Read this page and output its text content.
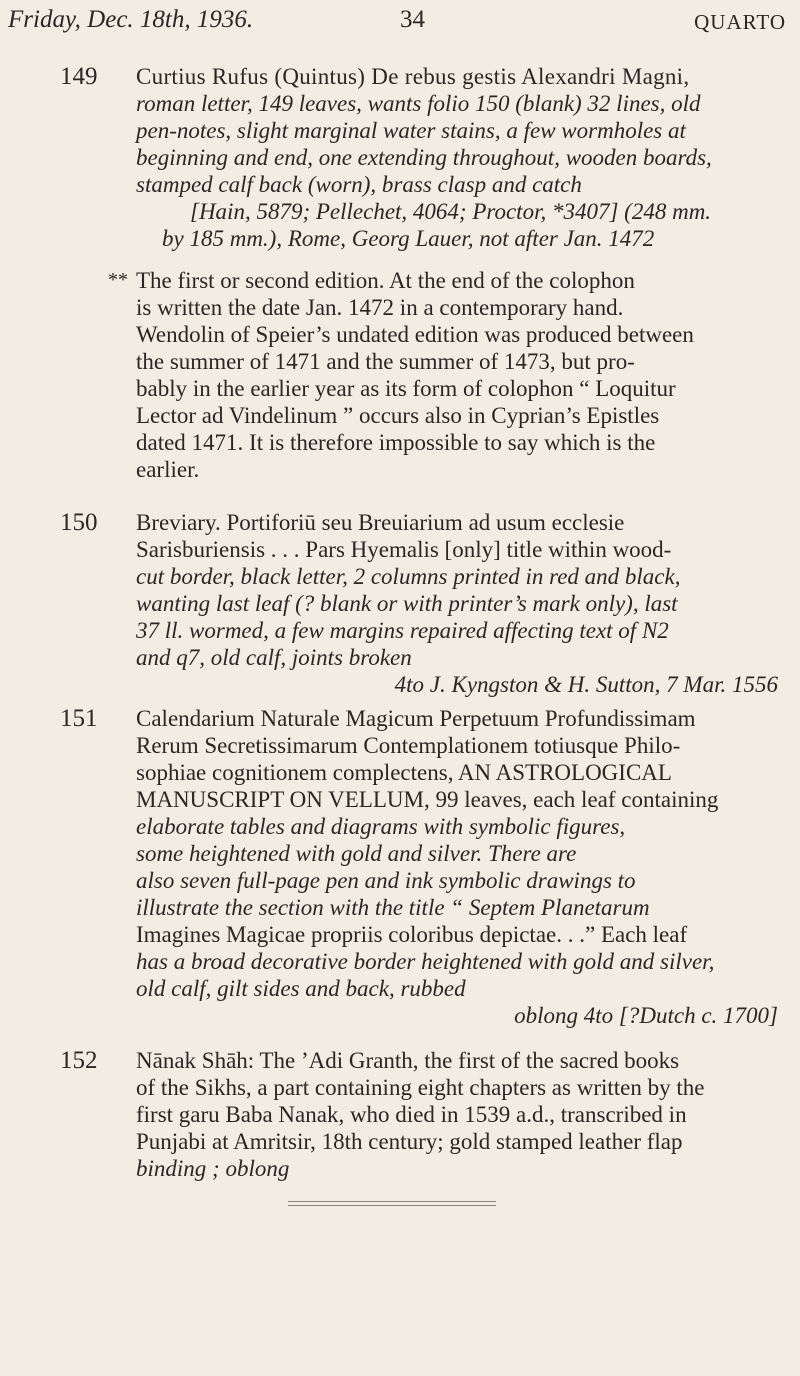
Friday, Dec. 18th, 1936.	34	QUARTO
149 Curtius Rufus (Quintus) De rebus gestis Alexandri Magni,
roman letter, 149 leaves, wants folio 150 (blank) 32 lines, old
pen-notes, slight marginal water stains, a few wormholes at
beginning and end, one extending throughout, wooden boards,
stamped calf back (worn), brass clasp and catch
[Hain, 5879; Pellechet, 4064; Proctor, *3407] (248 mm.
by 185 mm.), Rome, Georg Lauer, not after Jan. 1472
** The first or second edition. At the end of the colophon
is written the date Jan. 1472 in a contemporary hand.
Wendolin of Speier’s undated edition was produced between
the summer of 1471 and the summer of 1473, but pro-
bably in the earlier year as its form of colophon “ Loquitur
Lector ad Vindelinum ” occurs also in Cyprian’s Epistles
dated 1471. It is therefore impossible to say which is the
earlier.
150 Breviary. Portiforiū seu Breuiarium ad usum ecclesie
Sarisburiensis . . . Pars Hyemalis [only] title within wood-
cut border, black letter, 2 columns printed in red and black,
wanting last leaf (? blank or with printer’s mark only), last
37 ll. wormed, a few margins repaired affecting text of N2
and q7, old calf, joints broken
4to J. Kyngston & H. Sutton, 7 Mar. 1556
151 Calendarium Naturale Magicum Perpetuum Profundissimam
Rerum Secretissimarum Contemplationem totiusque Philo-
sophiae cognitionem complectens, AN ASTROLOGICAL
MANUSCRIPT ON VELLUM, 99 leaves, each leaf containing
elaborate tables and diagrams with symbolic figures,
some heightened with gold and silver. There are
also seven full-page pen and ink symbolic drawings to
illustrate the section with the title “ Septem Planetarum
Imagines Magicae propriis coloribus depictae. . .” Each leaf
has a broad decorative border heightened with gold and silver,
old calf, gilt sides and back, rubbed
oblong 4to [?Dutch c. 1700]
152 Nānak Shāh: The ’Adi Granth, the first of the sacred books
of the Sikhs, a part containing eight chapters as written by the
first garu Baba Nanak, who died in 1539 a.d., transcribed in
Punjabi at Amritsir, 18th century; gold stamped leather flap
binding ; oblong
